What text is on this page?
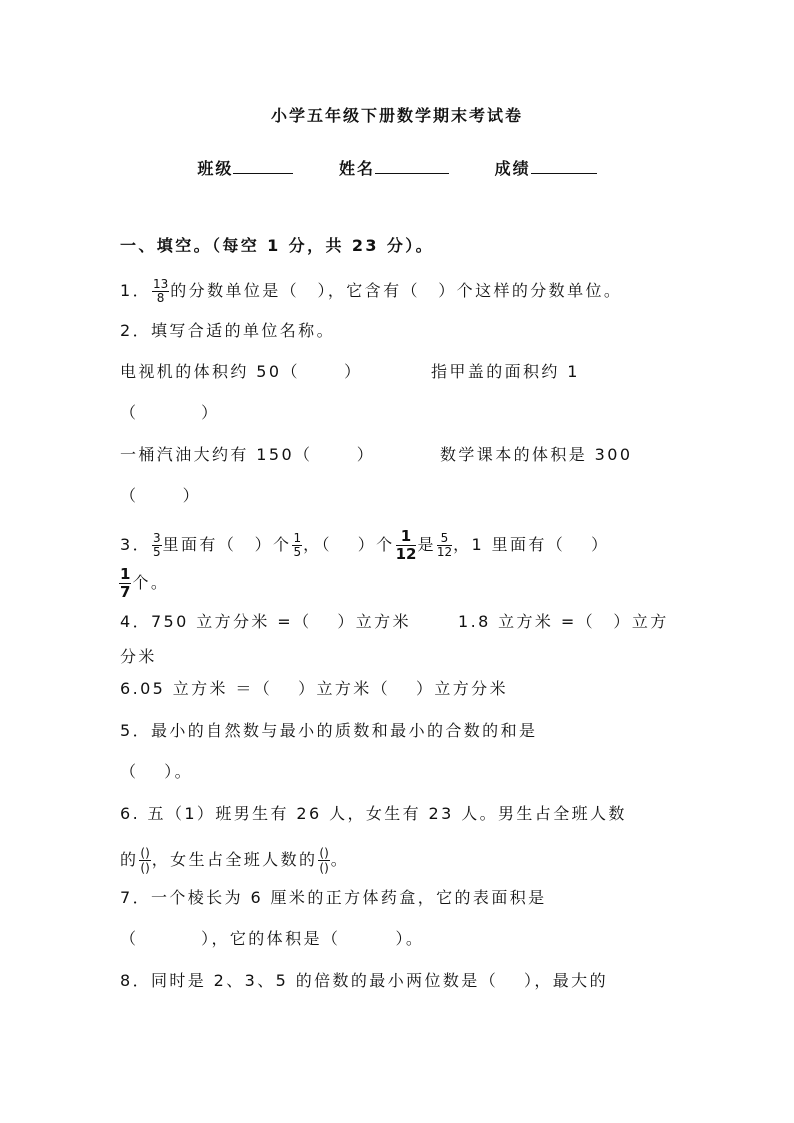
小学五年级下册数学期末考试卷
班级	姓名	成绩
一、填空。（每空 1 分，共 23 分）。
1． $\frac{13}{8}$ 的分数单位是（　），它含有（　）个这样的分数单位。
2．填写合适的单位名称。
电视机的体积约 50（　　 ）	指甲盖的面积约 1
（　　　 ）
一桶汽油大约有 150（　　 ）	数学课本的体积是 300
（　　 ）
3． $\frac{3}{5}$ 里面有（　）个 $\frac{1}{5}$ ，（　 ）个 $\frac{1}{12}$ 是 $\frac{5}{12}$ ，1 里面有（　 ）
$\frac{1}{7}$ 个。
4．750 立方分米 =（　 ）立方米	1.8 立方米 =（　）立方
分米
6.05 立方米 ＝（　 ）立方米（　 ）立方分米
5．最小的自然数与最小的质数和最小的合数的和是
（　 ）。
6. 五（1）班男生有 26 人，女生有 23 人。男生占全班人数
的 $\frac{()}{()}$ ，女生占全班人数的 $\frac{()}{()}$ 。
7．一个棱长为 6 厘米的正方体药盒，它的表面积是
（　　　 ），它的体积是（　　　）。
8．同时是 2、3、5 的倍数的最小两位数是（　 ），最大的
